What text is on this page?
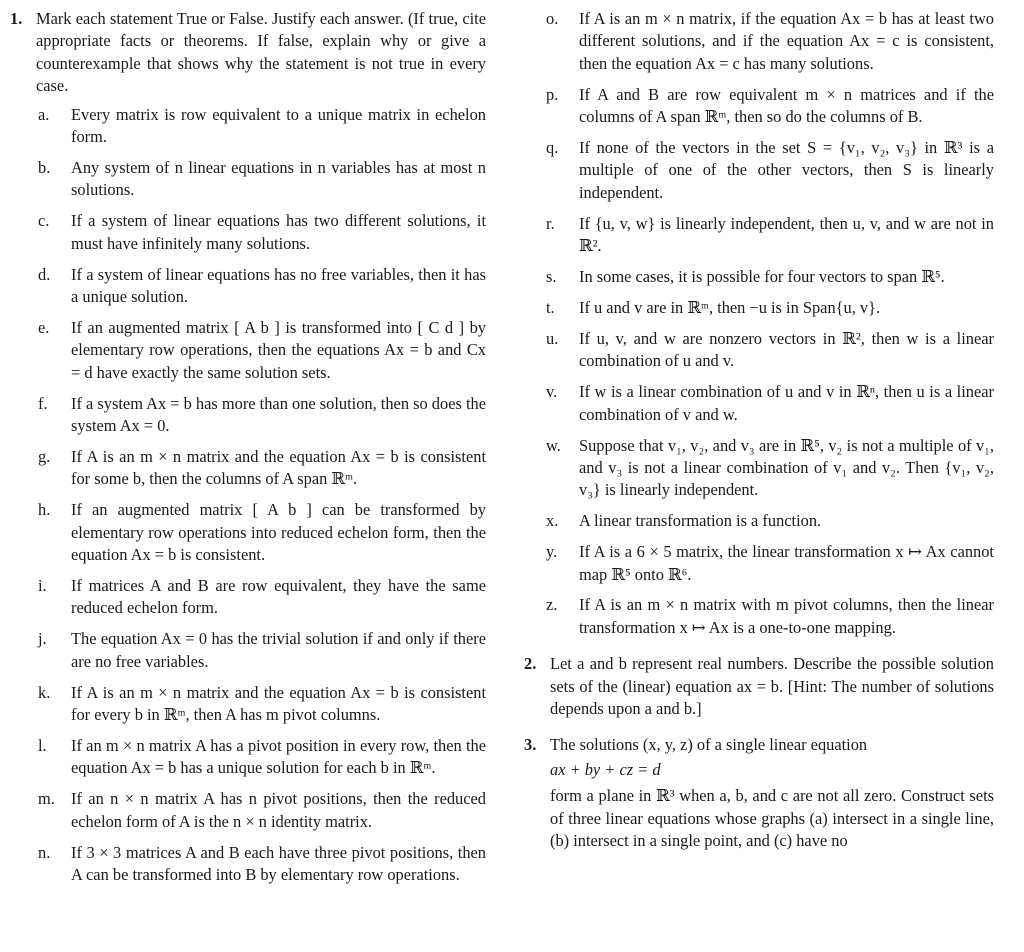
1. Mark each statement True or False. Justify each answer. (If true, cite appropriate facts or theorems. If false, explain why or give a counterexample that shows why the statement is not true in every case.
a.	Every matrix is row equivalent to a unique matrix in echelon form.
b.	Any system of n linear equations in n variables has at most n solutions.
c.	If a system of linear equations has two different solutions, it must have infinitely many solutions.
d.	If a system of linear equations has no free variables, then it has a unique solution.
e.	If an augmented matrix [ A b ] is transformed into [ C d ] by elementary row operations, then the equations Ax = b and Cx = d have exactly the same solution sets.
f.	If a system Ax = b has more than one solution, then so does the system Ax = 0.
g.	If A is an m × n matrix and the equation Ax = b is consistent for some b, then the columns of A span ℝᵐ.
h.	If an augmented matrix [ A b ] can be transformed by elementary row operations into reduced echelon form, then the equation Ax = b is consistent.
i.	If matrices A and B are row equivalent, they have the same reduced echelon form.
j.	The equation Ax = 0 has the trivial solution if and only if there are no free variables.
k.	If A is an m × n matrix and the equation Ax = b is consistent for every b in ℝᵐ, then A has m pivot columns.
l.	If an m × n matrix A has a pivot position in every row, then the equation Ax = b has a unique solution for each b in ℝᵐ.
m. If an n × n matrix A has n pivot positions, then the reduced echelon form of A is the n × n identity matrix.
n.	If 3 × 3 matrices A and B each have three pivot positions, then A can be transformed into B by elementary row operations.
o.	If A is an m × n matrix, if the equation Ax = b has at least two different solutions, and if the equation Ax = c is consistent, then the equation Ax = c has many solutions.
p.	If A and B are row equivalent m × n matrices and if the columns of A span ℝᵐ, then so do the columns of B.
q.	If none of the vectors in the set S = {v₁, v₂, v₃} in ℝ³ is a multiple of one of the other vectors, then S is linearly independent.
r.	If {u, v, w} is linearly independent, then u, v, and w are not in ℝ².
s.	In some cases, it is possible for four vectors to span ℝ⁵.
t.	If u and v are in ℝᵐ, then −u is in Span{u, v}.
u.	If u, v, and w are nonzero vectors in ℝ², then w is a linear combination of u and v.
v.	If w is a linear combination of u and v in ℝⁿ, then u is a linear combination of v and w.
w.	Suppose that v₁, v₂, and v₃ are in ℝ⁵, v₂ is not a multiple of v₁, and v₃ is not a linear combination of v₁ and v₂. Then {v₁, v₂, v₃} is linearly independent.
x.	A linear transformation is a function.
y.	If A is a 6 × 5 matrix, the linear transformation x ↦ Ax cannot map ℝ⁵ onto ℝ⁶.
z.	If A is an m × n matrix with m pivot columns, then the linear transformation x ↦ Ax is a one-to-one mapping.
2. Let a and b represent real numbers. Describe the possible solution sets of the (linear) equation ax = b. [Hint: The number of solutions depends upon a and b.]
3. The solutions (x, y, z) of a single linear equation
ax + by + cz = d
form a plane in ℝ³ when a, b, and c are not all zero. Construct sets of three linear equations whose graphs (a) intersect in a single line, (b) intersect in a single point, and (c) have no
